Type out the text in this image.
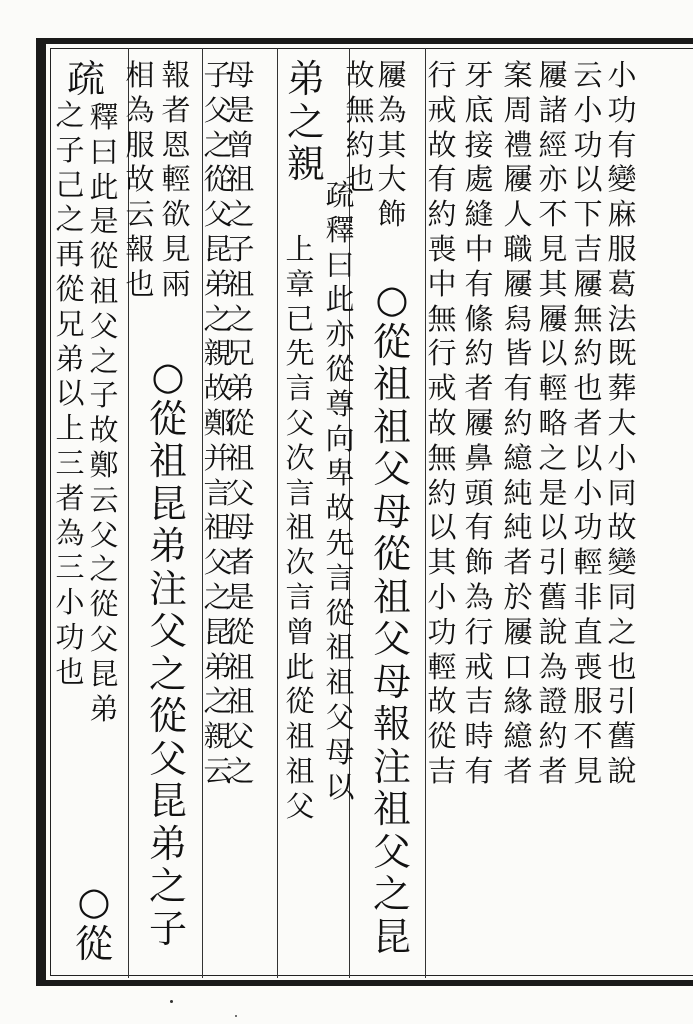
小
功
有
變
麻
服
葛
法
既
葬
大
小
同
故
變
同
之
也
引
舊
說
云
小
功
以
下
吉
屨
無
約
也
者
以
小
功
輕
非
直
喪
服
不
見
屨
諸
經
亦
不
見
其
屨
以
輕
略
之
是
以
引
舊
說
為
證
約
者
案
周
禮
屨
人
職
屨
舄
皆
有
約
繶
純
純
者
於
屨
口
緣
繶
者
牙
底
接
處
縫
中
有
絛
約
者
屨
鼻
頭
有
飾
為
行
戒
吉
時
有
行
戒
故
有
約
喪
中
無
行
戒
故
無
約
以
其
小
功
輕
故
從
吉
屨
為
其
大
飾
故
無
約
也
○
從
祖
祖
父
母
從
祖
父
母
報
注
祖
父
之
昆
弟
之
親
疏
釋
曰
此
亦
從
尊
向
卑
故
先
言
從
祖
祖
父
母
以
上
章
已
先
言
父
次
言
祖
次
言
曾
此
從
祖
祖
父
母
是
曾
祖
之
子
祖
之
兄
弟
從
祖
父
母
者
是
從
祖
祖
父
之
子
父
之
從
父
昆
弟
之
親
故
鄭
并
言
祖
父
之
昆
弟
之
親
云
報
者
恩
輕
欲
見
兩
○
從
祖
昆
弟
注
父
之
從
父
昆
弟
之
子
相
為
服
故
云
報
也
釋
曰
此
是
從
祖
父
之
子
故
鄭
云
父
之
從
父
昆
弟
疏
之
子
己
之
再
從
兄
弟
以
上
三
者
為
三
小
功
也
○
從
